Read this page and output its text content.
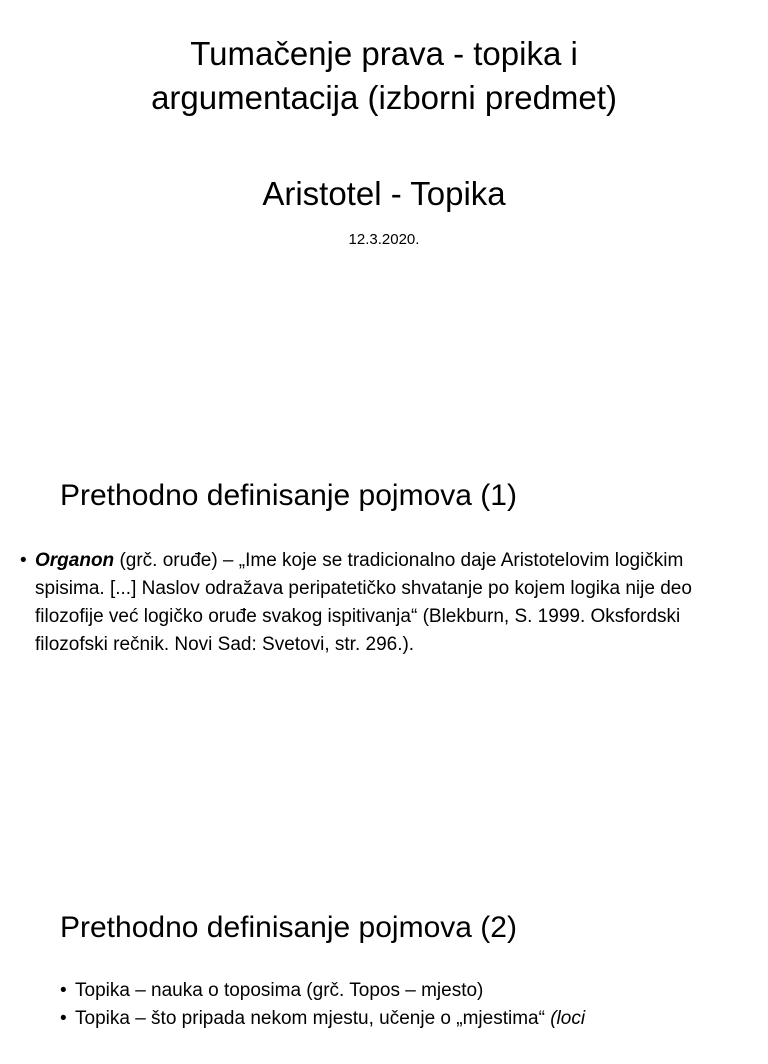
Tumačenje prava - topika i
argumentacija (izborni predmet)
Aristotel - Topika
12.3.2020.
Prethodno definisanje pojmova (1)
• Organon (grč. oruđe) – „Ime koje se tradicionalno daje Aristotelovim logičkim spisima. [...] Naslov odražava peripatetičko shvatanje po kojem logika nije deo filozofije već logičko oruđe svakog ispitivanja“ (Blekburn, S. 1999. Oksfordski filozofski rečnik. Novi Sad: Svetovi, str. 296.).
Prethodno definisanje pojmova (2)
• Topika – nauka o toposima (grč. Topos – mjesto)
• Topika – što pripada nekom mjestu, učenje o „mjestima“ (loci
